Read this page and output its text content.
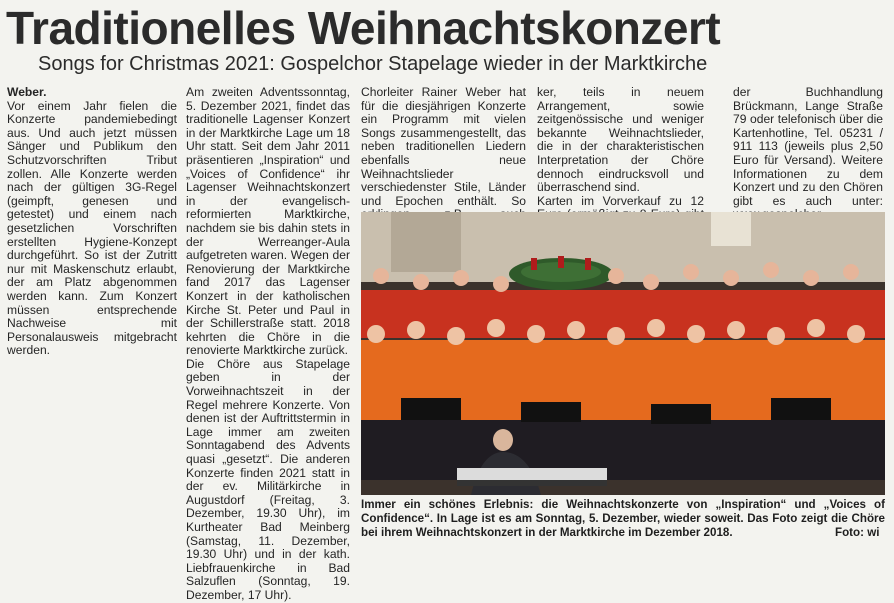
Traditionelles Weihnachtskonzert
Songs for Christmas 2021: Gospelchor Stapelage wieder in der Marktkirche
Weber.

Vor einem Jahr fielen die Konzerte pandemiebedingt aus. Und auch jetzt müssen Sänger und Publikum den Schutzvorschriften Tribut zollen. Alle Konzerte werden nach der gültigen 3G-Regel (geimpft, genesen und getestet) und einem nach gesetzlichen Vorschriften erstellten Hygiene-Konzept durchgeführt. So ist der Zutritt nur mit Maskenschutz erlaubt, der am Platz abgenommen werden kann. Zum Konzert müssen entsprechende Nachweise mit Personalausweis mitgebracht werden.

Am zweiten Adventssonntag, 5. Dezember 2021, findet das traditionelle Lagenser Konzert in der Marktkirche Lage um 18 Uhr statt. Seit dem Jahr 2011 präsentieren „Inspiration“ und „Voices of Confidence“ ihr Lagenser Weihnachtskonzert in der evangelisch-reformierten Marktkirche, nachdem sie bis dahin stets in der Werreanger-Aula aufgetreten waren. Wegen der Renovierung der Marktkirche fand 2017 das Lagenser Konzert in der katholischen Kirche St. Peter und Paul in der Schillerstraße statt. 2018 kehrten die Chöre in die renovierte Marktkirche zurück.

Die Chöre aus Stapelage geben in der Vorweihnachtszeit in der Regel mehrere Konzerte. Von denen ist der Auftrittstermin in Lage immer am zweiten Sonntagabend des Advents quasi „gesetzt“. Die anderen Konzerte finden 2021 statt in der ev. Militärkirche in Augustdorf (Freitag, 3. Dezember, 19.30 Uhr), im Kurtheater Bad Meinberg (Samstag, 11. Dezember, 19.30 Uhr) und in der kath. Liebfrauenkirche in Bad Salzuflen (Sonntag, 19. Dezember, 17 Uhr).

Chorleiter Rainer Weber hat für die diesjährigen Konzerte ein Programm mit vielen Songs zusammengestellt, das neben traditionellen Liedern ebenfalls neue Weihnachtslieder verschiedenster Stile, Länder und Epochen enthält. So

ker, teils in neuem Arrangement, sowie zeitgenössische und weniger bekannte Weihnachtslieder, die in der charakteristischen Interpretation der Chöre dennoch eindrucksvoll und überraschend sind.

Karten im Vorverkauf zu 12

der Buchhandlung Brückmann, Lange Straße 79 oder telefonisch über die Kartenhotline, Tel. 05231 / 911 113 (jeweils plus 2,50 Euro für Versand). Weitere Informationen zu dem Konzert und zu den Chören gibt es auch unter:

Immer ein schönes Erlebnis: die Weihnachtskonzerte von „Inspiration“ und „Voices of Confidence“. In Lage ist es am Sonntag, 5. Dezember, wieder soweit. Das Foto zeigt die Chöre bei ihrem Weihnachtskonzert in der Marktkirche im Dezember 2018.	Foto: wi
